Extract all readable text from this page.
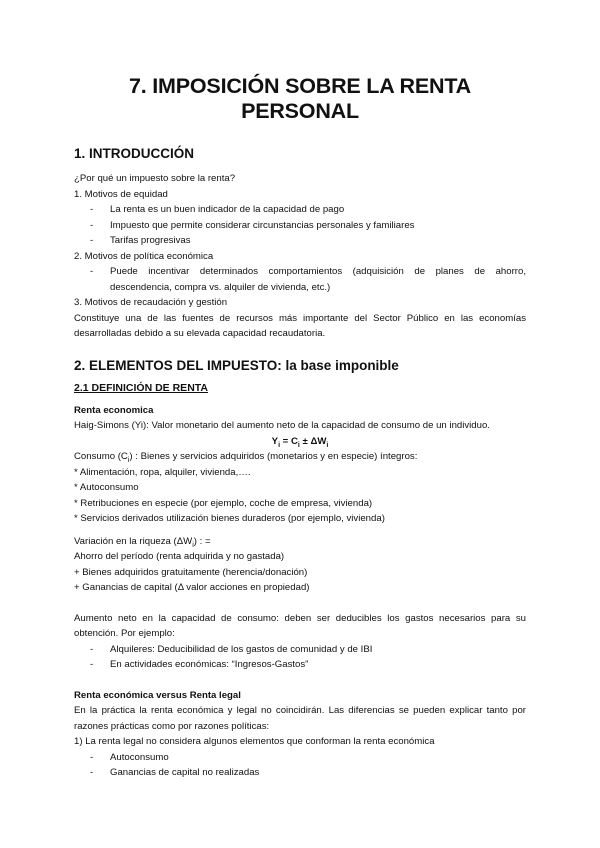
7. IMPOSICIÓN SOBRE LA RENTA PERSONAL
1. INTRODUCCIÓN

¿Por qué un impuesto sobre la renta?

1. Motivos de equidad

- La renta es un buen indicador de la capacidad de pago
- Impuesto que permite considerar circunstancias personales y familiares
- Tarifas progresivas

2. Motivos de política económica

- Puede incentivar determinados comportamientos (adquisición de planes de ahorro, descendencia, compra vs. alquiler de vivienda, etc.)

3. Motivos de recaudación y gestión

Constituye una de las fuentes de recursos más importante del Sector Público en las economías desarrolladas debido a su elevada capacidad recaudatoria.

2. ELEMENTOS DEL IMPUESTO: la base imponible
2.1 DEFINICIÓN DE RENTA

Renta economica

Haig-Simons (Yi): Valor monetario del aumento neto de la capacidad de consumo de un individuo.

$Y_i = C_i \pm \Delta W_i$

Consumo $(C_i)$ : Bienes y servicios adquiridos (monetarios y en especie) íntegros:

* Alimentación, ropa, alquiler, vivienda,….

* Autoconsumo

* Retribuciones en especie (por ejemplo, coche de empresa, vivienda)

* Servicios derivados utilización bienes duraderos (por ejemplo, vivienda)

Variación en la riqueza $(\Delta W_i)$ : =

Ahorro del período (renta adquirida y no gastada)

+ Bienes adquiridos gratuitamente (herencia/donación)

+ Ganancias de capital (Δ valor acciones en propiedad)

Aumento neto en la capacidad de consumo: deben ser deducibles los gastos necesarios para su obtención. Por ejemplo:

- Alquileres: Deducibilidad de los gastos de comunidad y de IBI
- En actividades económicas: “Ingresos-Gastos”

Renta económica versus Renta legal

En la práctica la renta económica y legal no coincidirán. Las diferencias se pueden explicar tanto por razones prácticas como por razones políticas:

1) La renta legal no considera algunos elementos que conforman la renta económica

- Autoconsumo
- Ganancias de capital no realizadas
